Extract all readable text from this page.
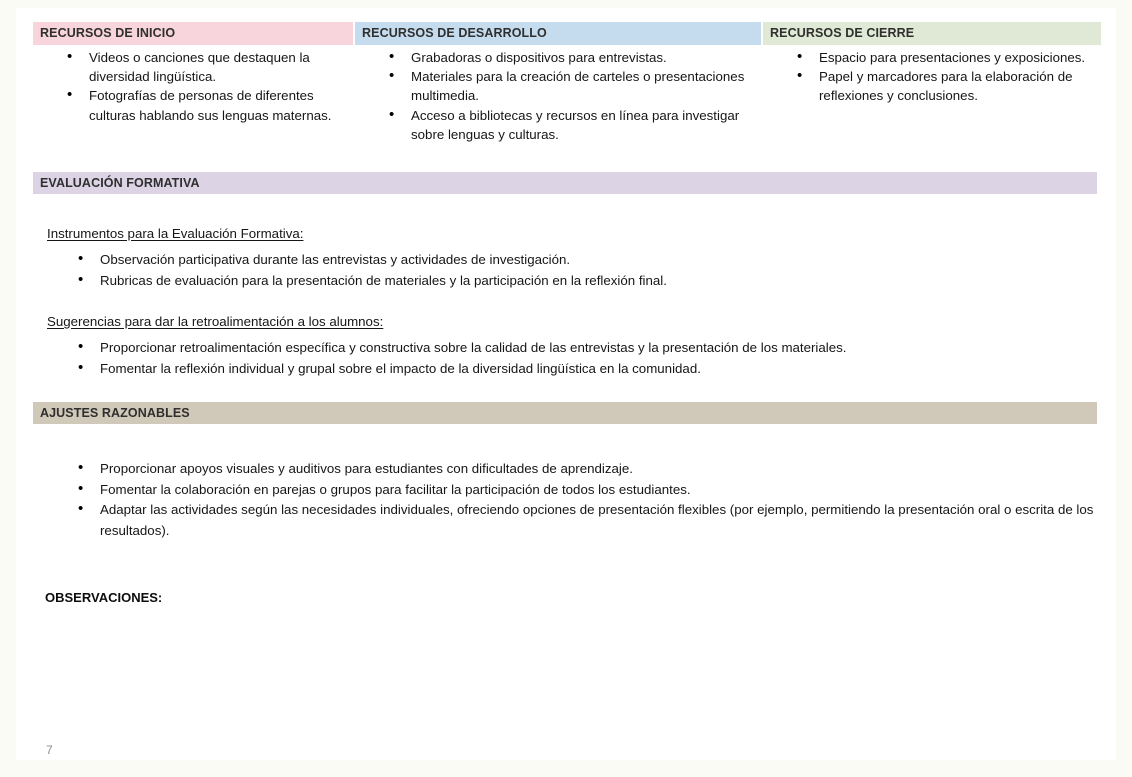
RECURSOS DE INICIO
• Videos o canciones que destaquen la diversidad lingüística.
• Fotografías de personas de diferentes culturas hablando sus lenguas maternas.
RECURSOS DE DESARROLLO
• Grabadoras o dispositivos para entrevistas.
• Materiales para la creación de carteles o presentaciones multimedia.
• Acceso a bibliotecas y recursos en línea para investigar sobre lenguas y culturas.
RECURSOS DE CIERRE
• Espacio para presentaciones y exposiciones.
• Papel y marcadores para la elaboración de reflexiones y conclusiones.
EVALUACIÓN FORMATIVA
Instrumentos para la Evaluación Formativa:
• Observación participativa durante las entrevistas y actividades de investigación.
• Rubricas de evaluación para la presentación de materiales y la participación en la reflexión final.
Sugerencias para dar la retroalimentación a los alumnos:
• Proporcionar retroalimentación específica y constructiva sobre la calidad de las entrevistas y la presentación de los materiales.
• Fomentar la reflexión individual y grupal sobre el impacto de la diversidad lingüística en la comunidad.
AJUSTES RAZONABLES
• Proporcionar apoyos visuales y auditivos para estudiantes con dificultades de aprendizaje.
• Fomentar la colaboración en parejas o grupos para facilitar la participación de todos los estudiantes.
• Adaptar las actividades según las necesidades individuales, ofreciendo opciones de presentación flexibles (por ejemplo, permitiendo la presentación oral o escrita de los resultados).
OBSERVACIONES:
7
